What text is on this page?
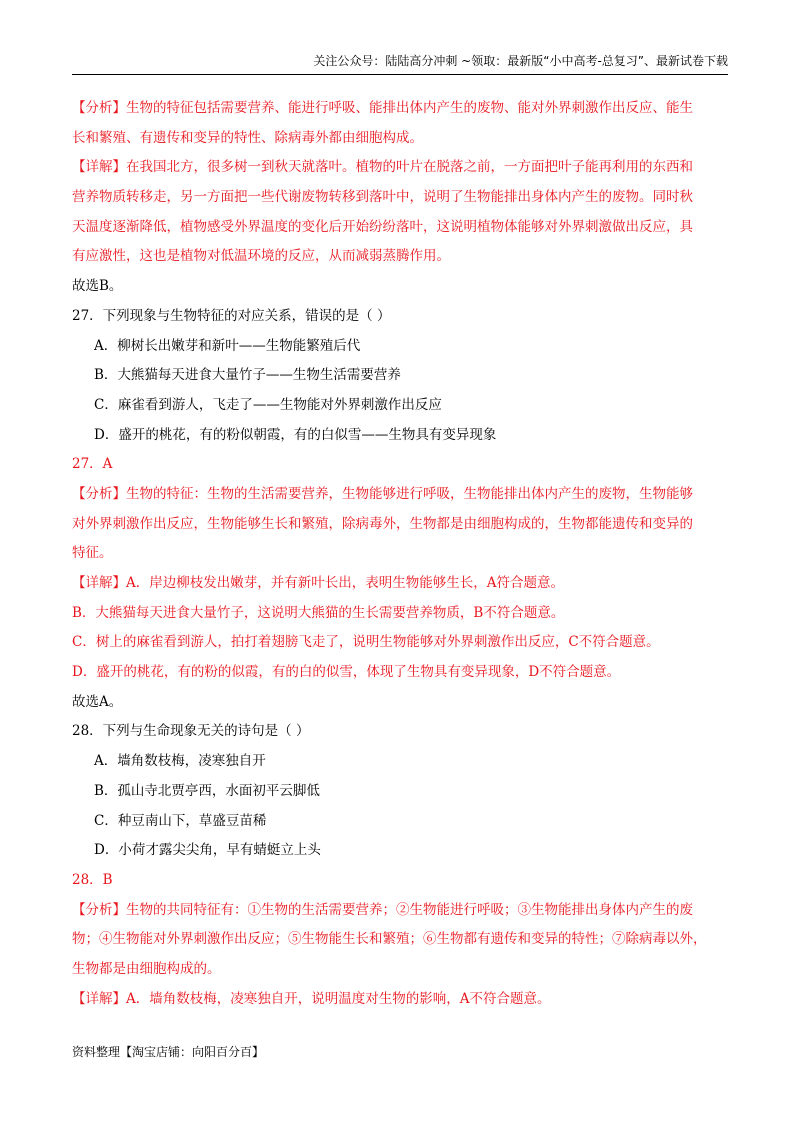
关注公众号：陆陆高分冲刺 ~领取：最新版“小中高考-总复习”、最新试卷下载
【分析】生物的特征包括需要营养、能进行呼吸、能排出体内产生的废物、能对外界刺激作出反应、能生
长和繁殖、有遗传和变异的特性、除病毒外都由细胞构成。
【详解】在我国北方，很多树一到秋天就落叶。植物的叶片在脱落之前，一方面把叶子能再利用的东西和
营养物质转移走，另一方面把一些代谢废物转移到落叶中，说明了生物能排出身体内产生的废物。同时秋
天温度逐渐降低，植物感受外界温度的变化后开始纷纷落叶，这说明植物体能够对外界刺激做出反应，具
有应激性，这也是植物对低温环境的反应，从而减弱蒸腾作用。
故选B。
27．下列现象与生物特征的对应关系，错误的是（ ）
A．柳树长出嫩芽和新叶——生物能繁殖后代
B．大熊猫每天进食大量竹子——生物生活需要营养
C．麻雀看到游人，飞走了——生物能对外界刺激作出反应
D．盛开的桃花，有的粉似朝霞，有的白似雪——生物具有变异现象
27．A
【分析】生物的特征：生物的生活需要营养，生物能够进行呼吸，生物能排出体内产生的废物，生物能够
对外界刺激作出反应，生物能够生长和繁殖，除病毒外，生物都是由细胞构成的，生物都能遗传和变异的
特征。
【详解】A．岸边柳枝发出嫩芽，并有新叶长出，表明生物能够生长，A符合题意。
B．大熊猫每天进食大量竹子，这说明大熊猫的生长需要营养物质，B不符合题意。
C．树上的麻雀看到游人，拍打着翅膀飞走了，说明生物能够对外界刺激作出反应，C不符合题意。
D．盛开的桃花，有的粉的似霞，有的白的似雪，体现了生物具有变异现象，D不符合题意。
故选A。
28．下列与生命现象无关的诗句是（ ）
A．墙角数枝梅，凌寒独自开
B．孤山寺北贾亭西，水面初平云脚低
C．种豆南山下，草盛豆苗稀
D．小荷才露尖尖角，早有蜻蜓立上头
28．B
【分析】生物的共同特征有：①生物的生活需要营养；②生物能进行呼吸；③生物能排出身体内产生的废
物；④生物能对外界刺激作出反应；⑤生物能生长和繁殖；⑥生物都有遗传和变异的特性；⑦除病毒以外，
生物都是由细胞构成的。
【详解】A．墙角数枝梅，凌寒独自开，说明温度对生物的影响，A不符合题意。
资料整理【淘宝店铺：向阳百分百】
